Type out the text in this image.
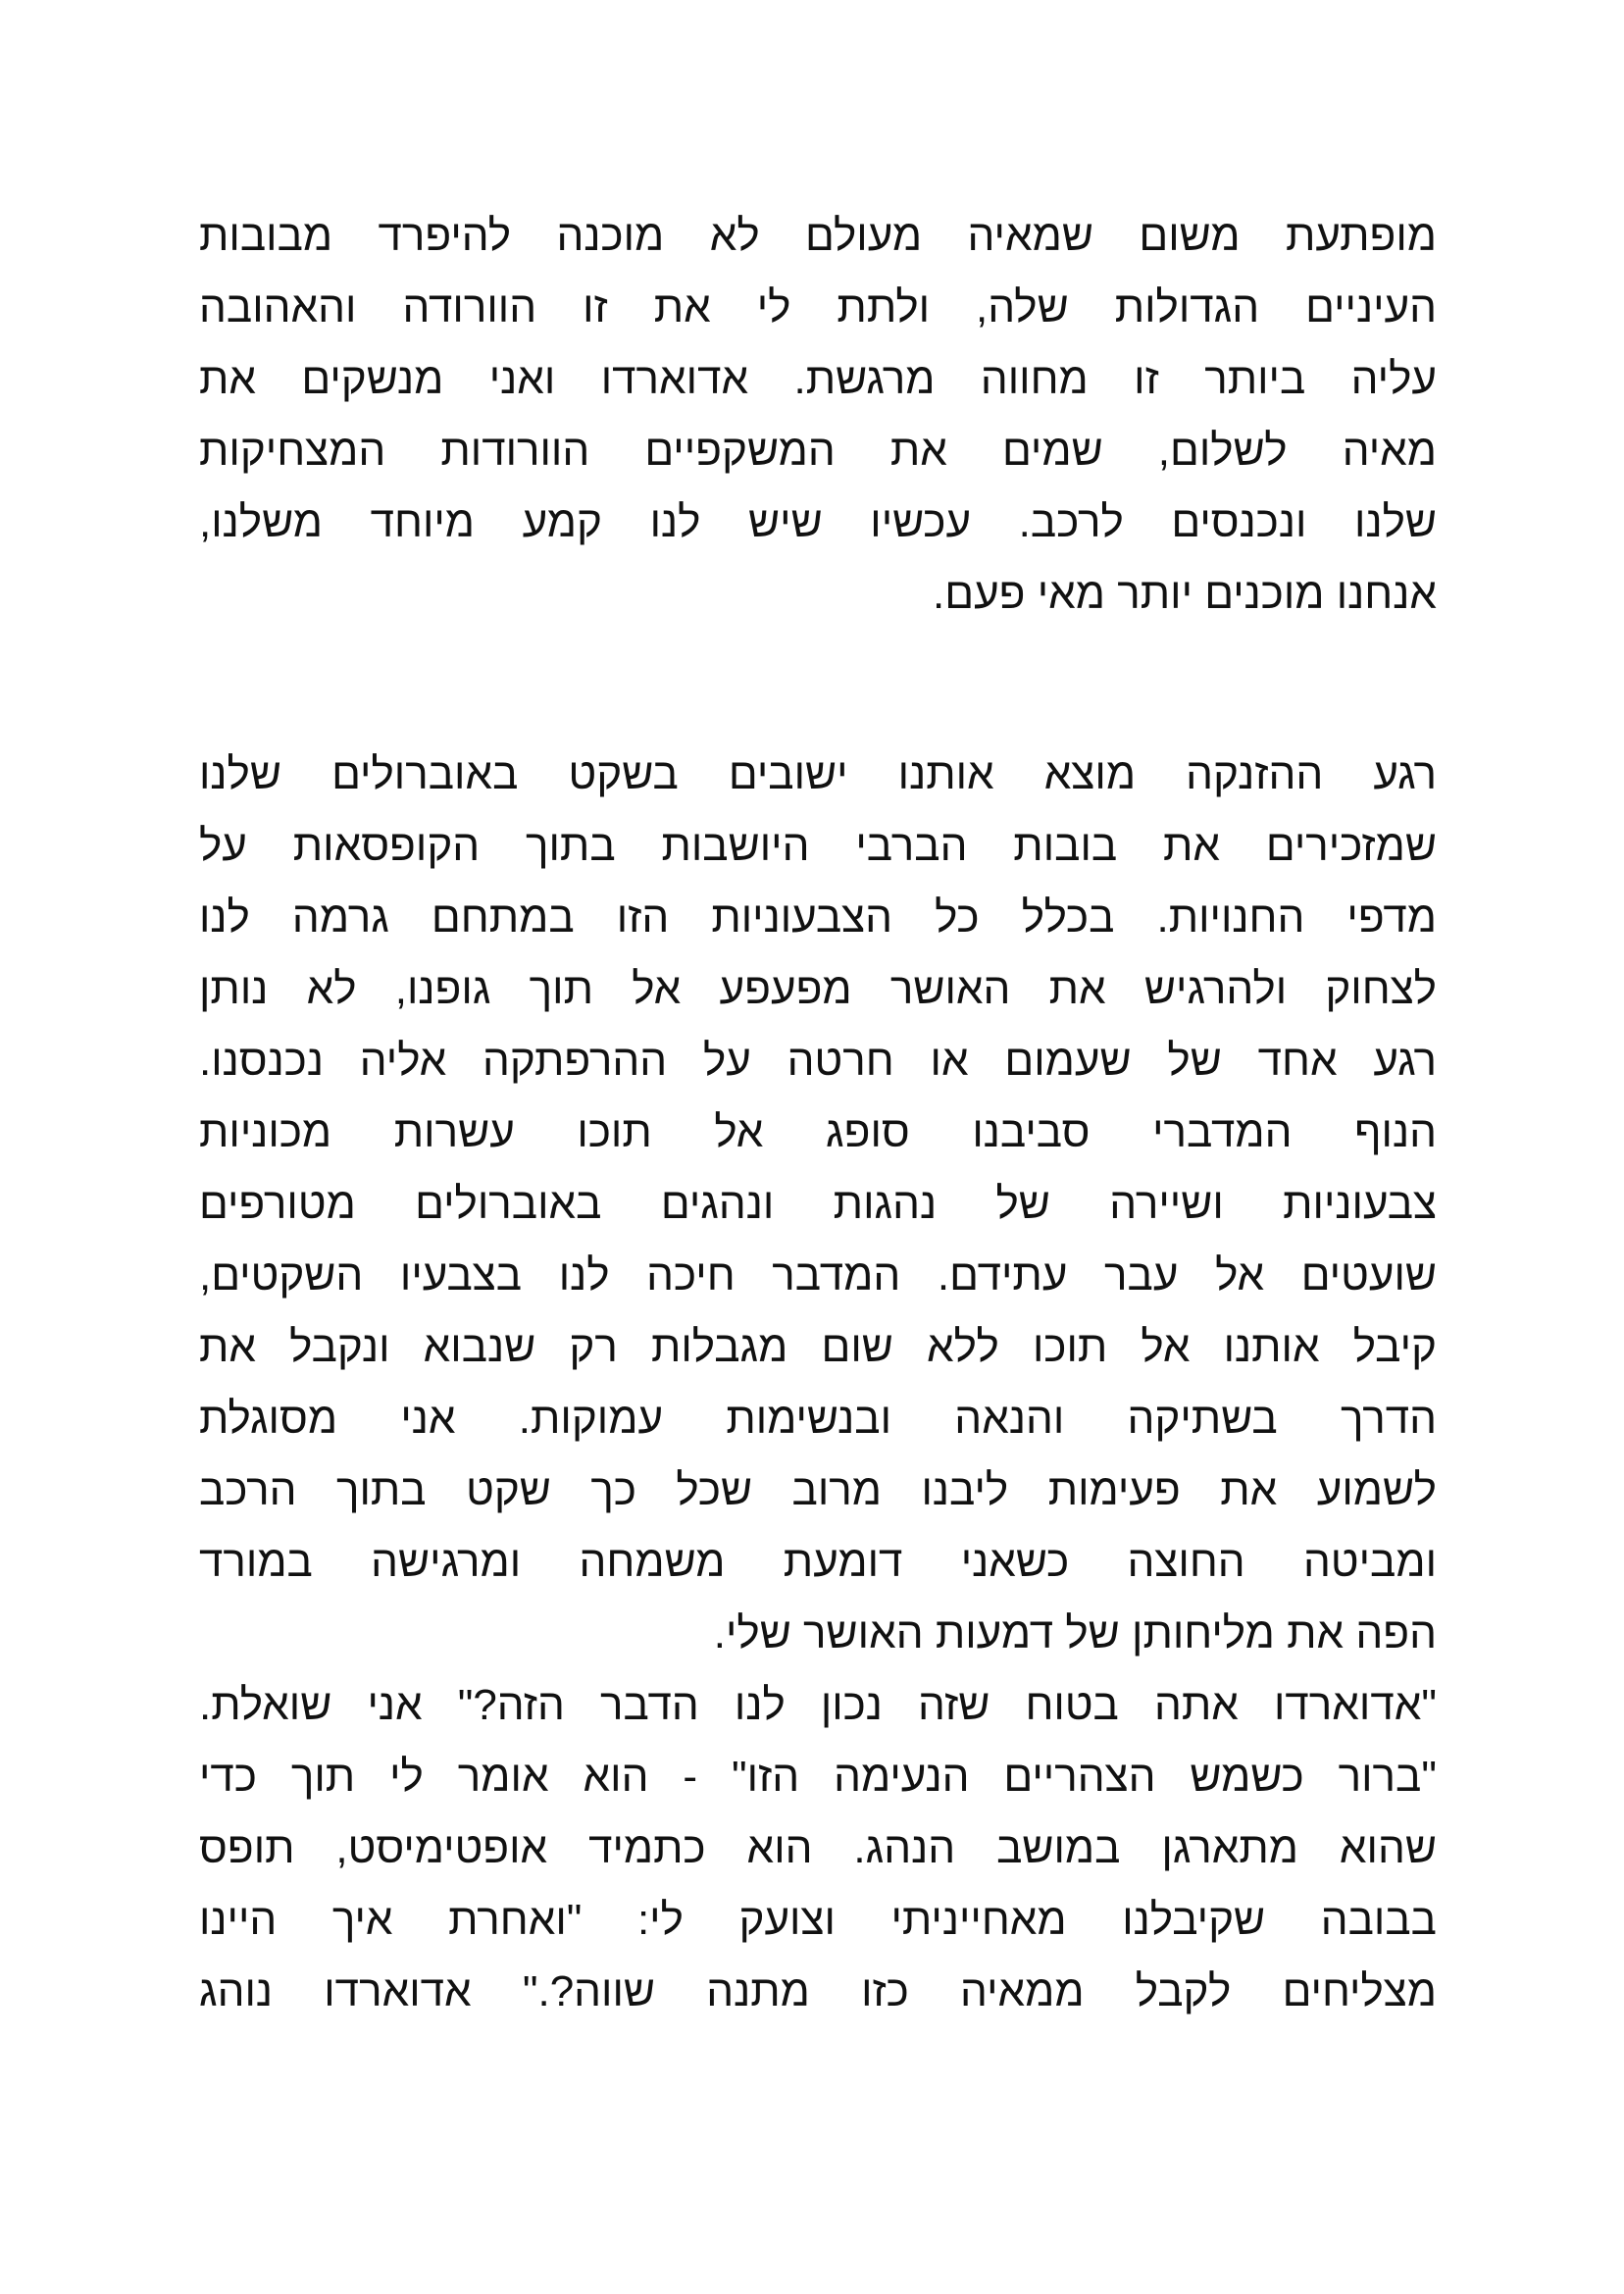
מופתעת משום שמאיה מעולם לא מוכנה להיפרד מבובות
העיניים הגדולות שלה, ולתת לי את זו הוורודה והאהובה
עליה ביותר זו מחווה מרגשת. אדוארדו ואני מנשקים את
מאיה לשלום, שמים את המשקפיים הוורודות המצחיקות
שלנו ונכנסים לרכב. עכשיו שיש לנו קמע מיוחד משלנו,
אנחנו מוכנים יותר מאי פעם.
רגע ההזנקה מוצא אותנו ישובים בשקט באוברולים שלנו
שמזכירים את בובות הברבי היושבות בתוך הקופסאות על
מדפי החנויות. בכלל כל הצבעוניות הזו במתחם גרמה לנו
לצחוק ולהרגיש את האושר מפעפע אל תוך גופנו, לא נותן
רגע אחד של שעמום או חרטה על ההרפתקה אליה נכנסנו.
הנוף המדברי סביבנו סופג אל תוכו עשרות מכוניות
צבעוניות ושיירה של נהגות ונהגים באוברולים מטורפים
שועטים אל עבר עתידם. המדבר חיכה לנו בצבעיו השקטים,
קיבל אותנו אל תוכו ללא שום מגבלות רק שנבוא ונקבל את
הדרך בשתיקה והנאה ובנשימות עמוקות. אני מסוגלת
לשמוע את פעימות ליבנו מרוב שכל כך שקט בתוך הרכב
ומביטה החוצה כשאני דומעת משמחה ומרגישה במורד
הפה את מליחותן של דמעות האושר שלי.
"אדוארדו אתה בטוח שזה נכון לנו הדבר הזה?" אני שואלת.
"ברור כשמש הצהריים הנעימה הזו" - הוא אומר לי תוך כדי
שהוא מתארגן במושב הנהג. הוא כתמיד אופטימיסט, תופס
בבובה שקיבלנו מאחייניתי וצועק לי: "ואחרת איך היינו
מצליחים לקבל ממאיה כזו מתנה שווה?." אדוארדו נוהג
